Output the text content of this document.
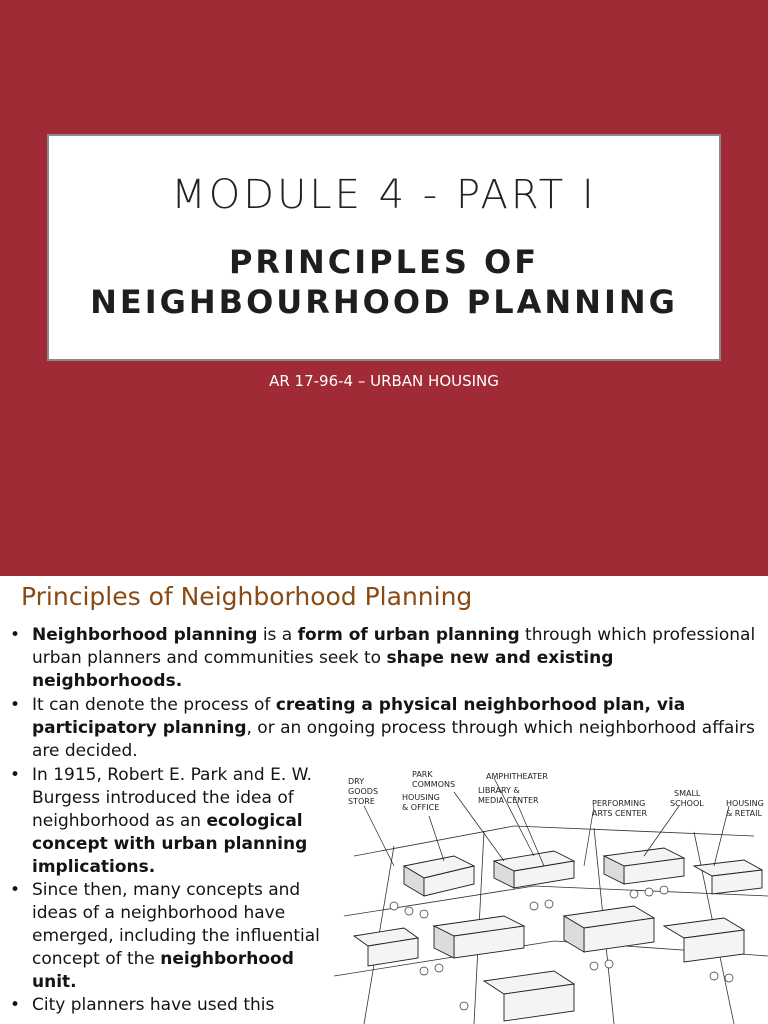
MODULE 4 - PART I
PRINCIPLES OF
NEIGHBOURHOOD PLANNING
AR 17-96-4 – URBAN HOUSING
Principles of Neighborhood Planning
• Neighborhood planning is a form of urban planning through which professional urban planners and communities seek to shape new and existing neighborhoods.
• It can denote the process of creating a physical neighborhood plan, via participatory planning, or an ongoing process through which neighborhood affairs are decided.
• In 1915, Robert E. Park and E. W. Burgess introduced the idea of neighborhood as an ecological concept with urban planning implications.
• Since then, many concepts and ideas of a neighborhood have emerged, including the influential concept of the neighborhood unit.
• City planners have used this
DRY
GOODS
STORE	HOUSING
& OFFICE
PARK
COMMONS
AMPHITHEATER
LIBRARY &
MEDIA CENTER	PERFORMING
ARTS CENTER
SMALL
SCHOOL	HOUSING
& RETAIL
